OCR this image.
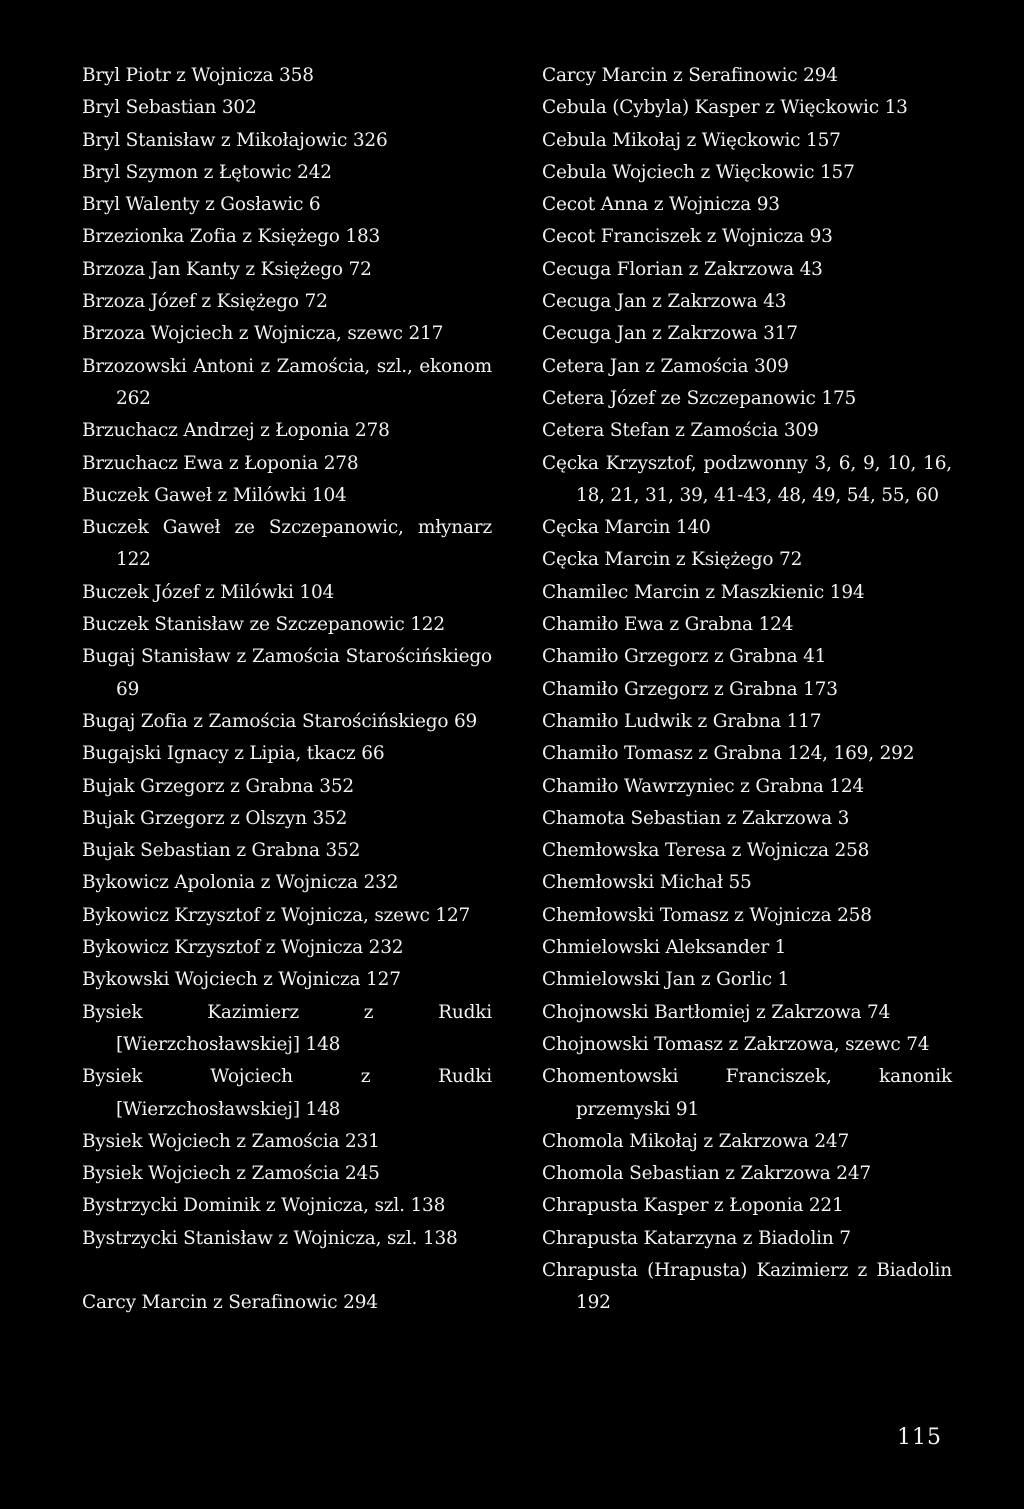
Bryl Piotr z Wojnicza 358
Bryl Sebastian 302
Bryl Stanisław z Mikołajowic 326
Bryl Szymon z Łętowic 242
Bryl Walenty z Gosławic 6
Brzezionka Zofia z Księżego 183
Brzoza Jan Kanty z Księżego 72
Brzoza Józef z Księżego 72
Brzoza Wojciech z Wojnicza, szewc 217
Brzozowski Antoni z Zamościa, szl., ekonom 262
Brzuchacz Andrzej z Łoponia 278
Brzuchacz Ewa z Łoponia 278
Buczek Gaweł z Milówki 104
Buczek Gaweł ze Szczepanowic, młynarz 122
Buczek Józef z Milówki 104
Buczek Stanisław ze Szczepanowic 122
Bugaj Stanisław z Zamościa Starościńskiego 69
Bugaj Zofia z Zamościa Starościńskiego 69
Bugajski Ignacy z Lipia, tkacz 66
Bujak Grzegorz z Grabna 352
Bujak Grzegorz z Olszyn 352
Bujak Sebastian z Grabna 352
Bykowicz Apolonia z Wojnicza 232
Bykowicz Krzysztof z Wojnicza, szewc 127
Bykowicz Krzysztof z Wojnicza 232
Bykowski Wojciech z Wojnicza 127
Bysiek Kazimierz z Rudki [Wierzchosławskiej] 148
Bysiek Wojciech z Rudki [Wierzchosławskiej] 148
Bysiek Wojciech z Zamościa 231
Bysiek Wojciech z Zamościa 245
Bystrzycki Dominik z Wojnicza, szl. 138
Bystrzycki Stanisław z Wojnicza, szl. 138
Carcy Marcin z Serafinowic 294
Carcy Marcin z Serafinowic 294
Cebula (Cybyla) Kasper z Więckowic 13
Cebula Mikołaj z Więckowic 157
Cebula Wojciech z Więckowic 157
Cecot Anna z Wojnicza 93
Cecot Franciszek z Wojnicza 93
Cecuga Florian z Zakrzowa 43
Cecuga Jan z Zakrzowa 43
Cecuga Jan z Zakrzowa 317
Cetera Jan z Zamościa 309
Cetera Józef ze Szczepanowic 175
Cetera Stefan z Zamościa 309
Cęcka Krzysztof, podzwonny 3, 6, 9, 10, 16, 18, 21, 31, 39, 41-43, 48, 49, 54, 55, 60
Cęcka Marcin 140
Cęcka Marcin z Księżego 72
Chamilec Marcin z Maszkienic 194
Chamiło Ewa z Grabna 124
Chamiło Grzegorz z Grabna 41
Chamiło Grzegorz z Grabna 173
Chamiło Ludwik z Grabna 117
Chamiło Tomasz z Grabna 124, 169, 292
Chamiło Wawrzyniec z Grabna 124
Chamota Sebastian z Zakrzowa 3
Chemłowska Teresa z Wojnicza 258
Chemłowski Michał 55
Chemłowski Tomasz z Wojnicza 258
Chmielowski Aleksander 1
Chmielowski Jan z Gorlic 1
Chojnowski Bartłomiej z Zakrzowa 74
Chojnowski Tomasz z Zakrzowa, szewc 74
Chomentowski Franciszek, kanonik przemyski 91
Chomola Mikołaj z Zakrzowa 247
Chomola Sebastian z Zakrzowa 247
Chrapusta Kasper z Łoponia 221
Chrapusta Katarzyna z Biadolin 7
Chrapusta (Hrapusta) Kazimierz z Biadolin 192
115
